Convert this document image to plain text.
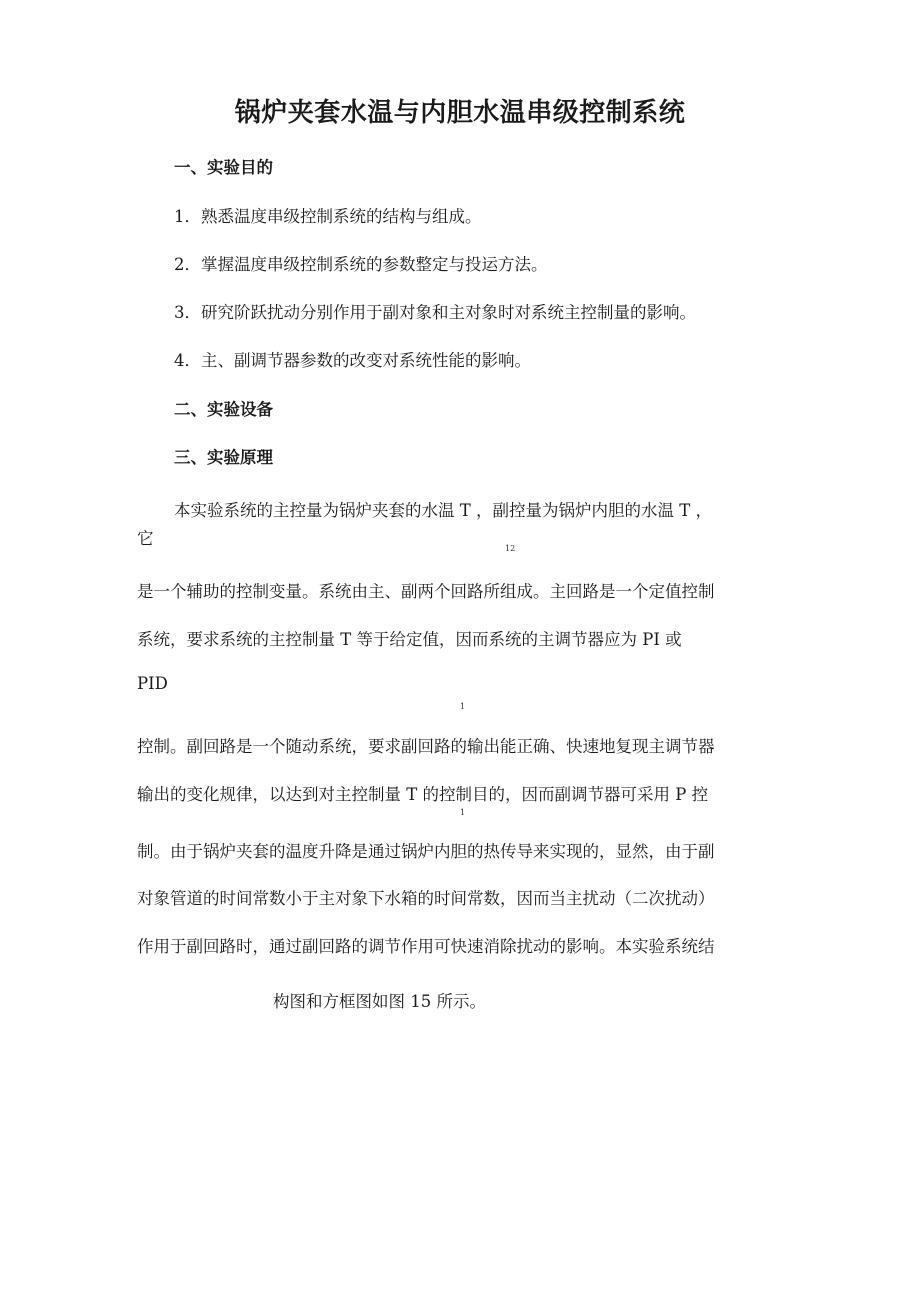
锅炉夹套水温与内胆水温串级控制系统
一、实验目的
1．熟悉温度串级控制系统的结构与组成。
2．掌握温度串级控制系统的参数整定与投运方法。
3．研究阶跃扰动分别作用于副对象和主对象时对系统主控制量的影响。
4．主、副调节器参数的改变对系统性能的影响。
二、实验设备
三、实验原理
本实验系统的主控量为锅炉夹套的水温 T ，副控量为锅炉内胆的水温 T ，
它
12
是一个辅助的控制变量。系统由主、副两个回路所组成。主回路是一个定值控制
系统，要求系统的主控制量 T 等于给定值，因而系统的主调节器应为 PI 或
PID
1
控制。副回路是一个随动系统，要求副回路的输出能正确、快速地复现主调节器
输出的变化规律，以达到对主控制量 T 的控制目的，因而副调节器可采用 P 控
1
制。由于锅炉夹套的温度升降是通过锅炉内胆的热传导来实现的，显然，由于副
对象管道的时间常数小于主对象下水箱的时间常数，因而当主扰动（二次扰动）
作用于副回路时，通过副回路的调节作用可快速消除扰动的影响。本实验系统结
构图和方框图如图 15 所示。
